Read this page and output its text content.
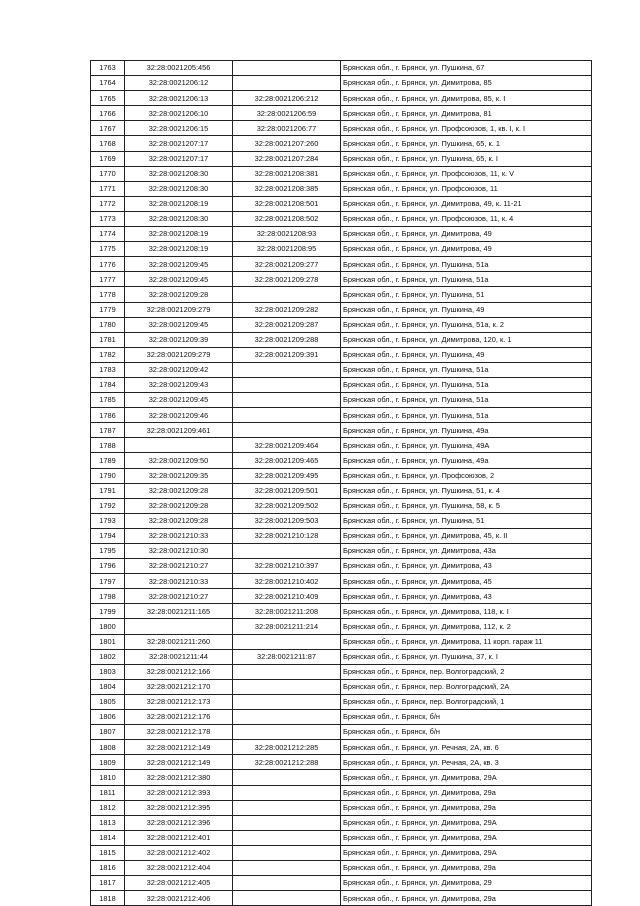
1763	32:28:0021205:456		Брянская обл., г. Брянск, ул. Пушкина, 67
1764	32:28:0021206:12		Брянская обл., г. Брянск, ул. Димитрова, 85
1765	32:28:0021206:13	32:28:0021206:212	Брянская обл., г. Брянск, ул. Димитрова, 85, к. I
1766	32:28:0021206:10	32:28:0021206:59	Брянская обл., г. Брянск, ул. Димитрова, 81
1767	32:28:0021206:15	32:28:0021206:77	Брянская обл., г. Брянск, ул. Профсоюзов, 1, кв. I, к. I
1768	32:28:0021207:17	32:28:0021207:260	Брянская обл., г. Брянск, ул. Пушкина, 65, к. 1
1769	32:28:0021207:17	32:28:0021207:284	Брянская обл., г. Брянск, ул. Пушкина, 65, к. I
1770	32:28:0021208:30	32:28:0021208:381	Брянская обл., г. Брянск, ул. Профсоюзов, 11, к. V
1771	32:28:0021208:30	32:28:0021208:385	Брянская обл., г. Брянск, ул. Профсоюзов, 11
1772	32:28:0021208:19	32:28:0021208:501	Брянская обл., г. Брянск, ул. Димитрова, 49, к. 11-21
1773	32:28:0021208:30	32:28:0021208:502	Брянская обл., г. Брянск, ул. Профсоюзов, 11, к. 4
1774	32:28:0021208:19	32:28:0021208:93	Брянская обл., г. Брянск, ул. Димитрова, 49
1775	32:28:0021208:19	32:28:0021208:95	Брянская обл., г. Брянск, ул. Димитрова, 49
1776	32:28:0021209:45	32:28:0021209:277	Брянская обл., г. Брянск, ул. Пушкина, 51а
1777	32:28:0021209:45	32:28:0021209:278	Брянская обл., г. Брянск, ул. Пушкина, 51а
1778	32:28:0021209:28		Брянская обл., г. Брянск, ул. Пушкина, 51
1779	32:28:0021209:279	32:28:0021209:282	Брянская обл., г. Брянск, ул. Пушкина, 49
1780	32:28:0021209:45	32:28:0021209:287	Брянская обл., г. Брянск, ул. Пушкина, 51а, к. 2
1781	32:28:0021209:39	32:28:0021209:288	Брянская обл., г. Брянск, ул. Димитрова, 120, к. 1
1782	32:28:0021209:279	32:28:0021209:391	Брянская обл., г. Брянск, ул. Пушкина, 49
1783	32:28:0021209:42		Брянская обл., г. Брянск, ул. Пушкина, 51а
1784	32:28:0021209:43		Брянская обл., г. Брянск, ул. Пушкина, 51а
1785	32:28:0021209:45		Брянская обл., г. Брянск, ул. Пушкина, 51а
1786	32:28:0021209:46		Брянская обл., г. Брянск, ул. Пушкина, 51а
1787	32:28:0021209:461		Брянская обл., г. Брянск, ул. Пушкина, 49а
1788		32:28:0021209:464	Брянская обл., г. Брянск, ул. Пушкина, 49А
1789	32:28:0021209:50	32:28:0021209:465	Брянская обл., г. Брянск, ул. Пушкина, 49а
1790	32:28:0021209:35	32:28:0021209:495	Брянская обл., г. Брянск, ул. Профсоюзов, 2
1791	32:28:0021209:28	32:28:0021209:501	Брянская обл., г. Брянск, ул. Пушкина, 51, к. 4
1792	32:28:0021209:28	32:28:0021209:502	Брянская обл., г. Брянск, ул. Пушкина, 58, к. 5
1793	32:28:0021209:28	32:28:0021209:503	Брянская обл., г. Брянск, ул. Пушкина, 51
1794	32:28:0021210:33	32:28:0021210:128	Брянская обл., г. Брянск, ул. Димитрова, 45, к. II
1795	32:28:0021210:30		Брянская обл., г. Брянск, ул. Димитрова, 43а
1796	32:28:0021210:27	32:28:0021210:397	Брянская обл., г. Брянск, ул. Димитрова, 43
1797	32:28:0021210:33	32:28:0021210:402	Брянская обл., г. Брянск, ул. Димитрова, 45
1798	32:28:0021210:27	32:28:0021210:409	Брянская обл., г. Брянск, ул. Димитрова, 43
1799	32:28:0021211:165	32:28:0021211:208	Брянская обл., г. Брянск, ул. Димитрова, 118, к. I
1800		32:28:0021211:214	Брянская обл., г. Брянск, ул. Димитрова, 112, к. 2
1801	32:28:0021211:260		Брянская обл., г. Брянск, ул. Димитрова, 11 корп. гараж 11
1802	32:28:0021211:44	32:28:0021211:87	Брянская обл., г. Брянск, ул. Пушкина, 37, к. I
1803	32:28:0021212:166		Брянская обл., г. Брянск, пер. Волгоградский, 2
1804	32:28:0021212:170		Брянская обл., г. Брянск, пер. Волгоградский, 2А
1805	32:28:0021212:173		Брянская обл., г. Брянск, пер. Волгоградский, 1
1806	32:28:0021212:176		Брянская обл., г. Брянск, б/н
1807	32:28:0021212:178		Брянская обл., г. Брянск, б/н
1808	32:28:0021212:149	32:28:0021212:285	Брянская обл., г. Брянск, ул. Речная, 2А, кв. 6
1809	32:28:0021212:149	32:28:0021212:288	Брянская обл., г. Брянск, ул. Речная, 2А, кв. 3
1810	32:28:0021212:380		Брянская обл., г. Брянск, ул. Димитрова, 29А
1811	32:28:0021212:393		Брянская обл., г. Брянск, ул. Димитрова, 29а
1812	32:28:0021212:395		Брянская обл., г. Брянск, ул. Димитрова, 29а
1813	32:28:0021212:396		Брянская обл., г. Брянск, ул. Димитрова, 29А
1814	32:28:0021212:401		Брянская обл., г. Брянск, ул. Димитрова, 29А
1815	32:28:0021212:402		Брянская обл., г. Брянск, ул. Димитрова, 29А
1816	32:28:0021212:404		Брянская обл., г. Брянск, ул. Димитрова, 29а
1817	32:28:0021212:405		Брянская обл., г. Брянск, ул. Димитрова, 29
1818	32:28:0021212:406		Брянская обл., г. Брянск, ул. Димитрова, 29а
